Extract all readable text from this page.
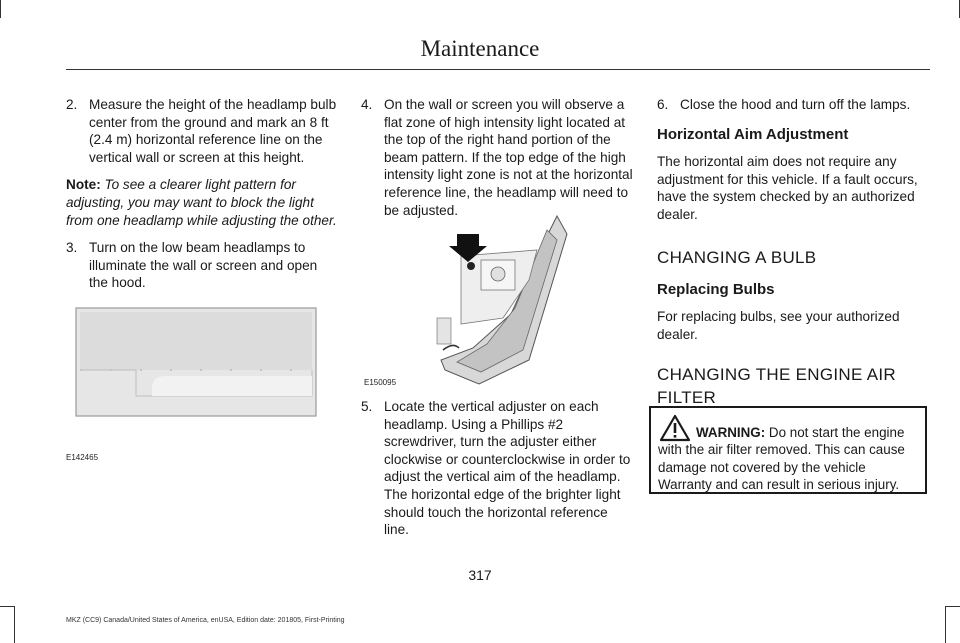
Maintenance
2. Measure the height of the headlamp bulb center from the ground and mark an 8 ft (2.4 m) horizontal reference line on the vertical wall or screen at this height.

Note: To see a clearer light pattern for adjusting, you may want to block the light from one headlamp while adjusting the other.

3. Turn on the low beam headlamps to illuminate the wall or screen and open the hood.
E142465
4. On the wall or screen you will observe a flat zone of high intensity light located at the top of the right hand portion of the beam pattern. If the top edge of the high intensity light zone is not at the horizontal reference line, the headlamp will need to be adjusted.
E150095
5. Locate the vertical adjuster on each headlamp. Using a Phillips #2 screwdriver, turn the adjuster either clockwise or counterclockwise in order to adjust the vertical aim of the headlamp. The horizontal edge of the brighter light should touch the horizontal reference line.
6. Close the hood and turn off the lamps.
Horizontal Aim Adjustment

The horizontal aim does not require any adjustment for this vehicle. If a fault occurs, have the system checked by an authorized dealer.

CHANGING A BULB
Replacing Bulbs

For replacing bulbs, see your authorized dealer.

CHANGING THE ENGINE AIR
FILTER
WARNING: Do not start the engine with the air filter removed. This can cause damage not covered by the vehicle Warranty and can result in serious injury.
317
MKZ (CC9) Canada/United States of America, enUSA, Edition date: 201805, First-Printing
